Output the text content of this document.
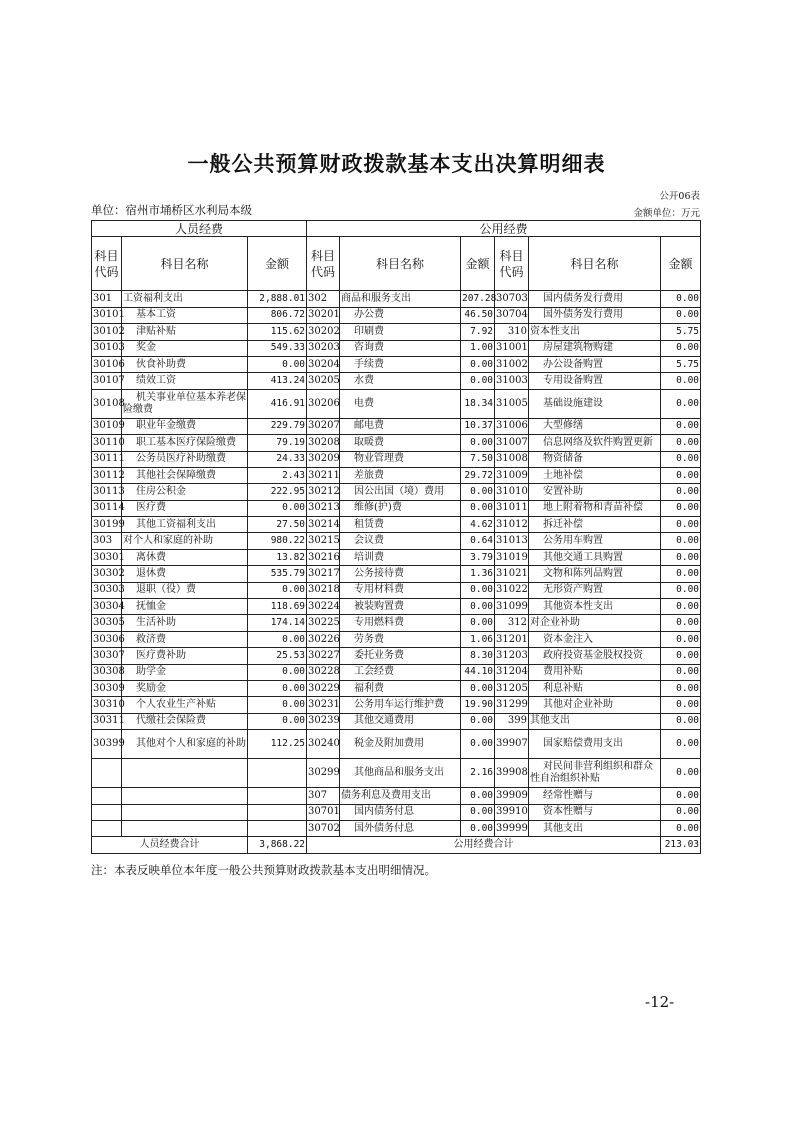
一般公共预算财政拨款基本支出决算明细表
公开06表
单位：宿州市埇桥区水利局本级	金额单位：万元
人员经费			公用经费					
科目代码	科目名称	金额	科目代码	科目名称	金额	科目代码	科目名称	金额
301	工资福利支出	2,888.01	302	商品和服务支出	207.28	30703	国内债务发行费用	0.00
30101	基本工资	806.72	30201	办公费	46.50	30704	国外债务发行费用	0.00
30102	津贴补贴	115.62	30202	印刷费	7.92	310	资本性支出	5.75
30103	奖金	549.33	30203	咨询费	1.00	31001	房屋建筑物购建	0.00
30106	伙食补助费	0.00	30204	手续费	0.00	31002	办公设备购置	5.75
30107	绩效工资	413.24	30205	水费	0.00	31003	专用设备购置	0.00
30108	机关事业单位基本养老保险缴费	416.91	30206	电费	18.34	31005	基础设施建设	0.00
30109	职业年金缴费	229.79	30207	邮电费	10.37	31006	大型修缮	0.00
30110	职工基本医疗保险缴费	79.19	30208	取暖费	0.00	31007	信息网络及软件购置更新	0.00
30111	公务员医疗补助缴费	24.33	30209	物业管理费	7.50	31008	物资储备	0.00
30112	其他社会保障缴费	2.43	30211	差旅费	29.72	31009	土地补偿	0.00
30113	住房公积金	222.95	30212	因公出国（境）费用	0.00	31010	安置补助	0.00
30114	医疗费	0.00	30213	维修(护)费	0.00	31011	地上附着物和青苗补偿	0.00
30199	其他工资福利支出	27.50	30214	租赁费	4.62	31012	拆迁补偿	0.00
303	对个人和家庭的补助	980.22	30215	会议费	0.64	31013	公务用车购置	0.00
30301	离休费	13.82	30216	培训费	3.79	31019	其他交通工具购置	0.00
30302	退休费	535.79	30217	公务接待费	1.36	31021	文物和陈列品购置	0.00
30303	退职（役）费	0.00	30218	专用材料费	0.00	31022	无形资产购置	0.00
30304	抚恤金	118.69	30224	被装购置费	0.00	31099	其他资本性支出	0.00
30305	生活补助	174.14	30225	专用燃料费	0.00	312	对企业补助	0.00
30306	救济费	0.00	30226	劳务费	1.06	31201	资本金注入	0.00
30307	医疗费补助	25.53	30227	委托业务费	8.30	31203	政府投资基金股权投资	0.00
30308	助学金	0.00	30228	工会经费	44.10	31204	费用补贴	0.00
30309	奖励金	0.00	30229	福利费	0.00	31205	利息补贴	0.00
30310	个人农业生产补贴	0.00	30231	公务用车运行维护费	19.90	31299	其他对企业补助	0.00
30311	代缴社会保险费	0.00	30239	其他交通费用	0.00	399	其他支出	0.00
30399	其他对个人和家庭的补助	112.25	30240	税金及附加费用	0.00	39907	国家赔偿费用支出	0.00
			30299	其他商品和服务支出	2.16	39908	对民间非营利组织和群众性自治组织补贴	0.00
			307	债务利息及费用支出	0.00	39909	经常性赠与	0.00
			30701	国内债务付息	0.00	39910	资本性赠与	0.00
			30702	国外债务付息	0.00	39999	其他支出	0.00
人员经费合计		3,868.22	公用经费合计					213.03
注：本表反映单位本年度一般公共预算财政拨款基本支出明细情况。
-12-
